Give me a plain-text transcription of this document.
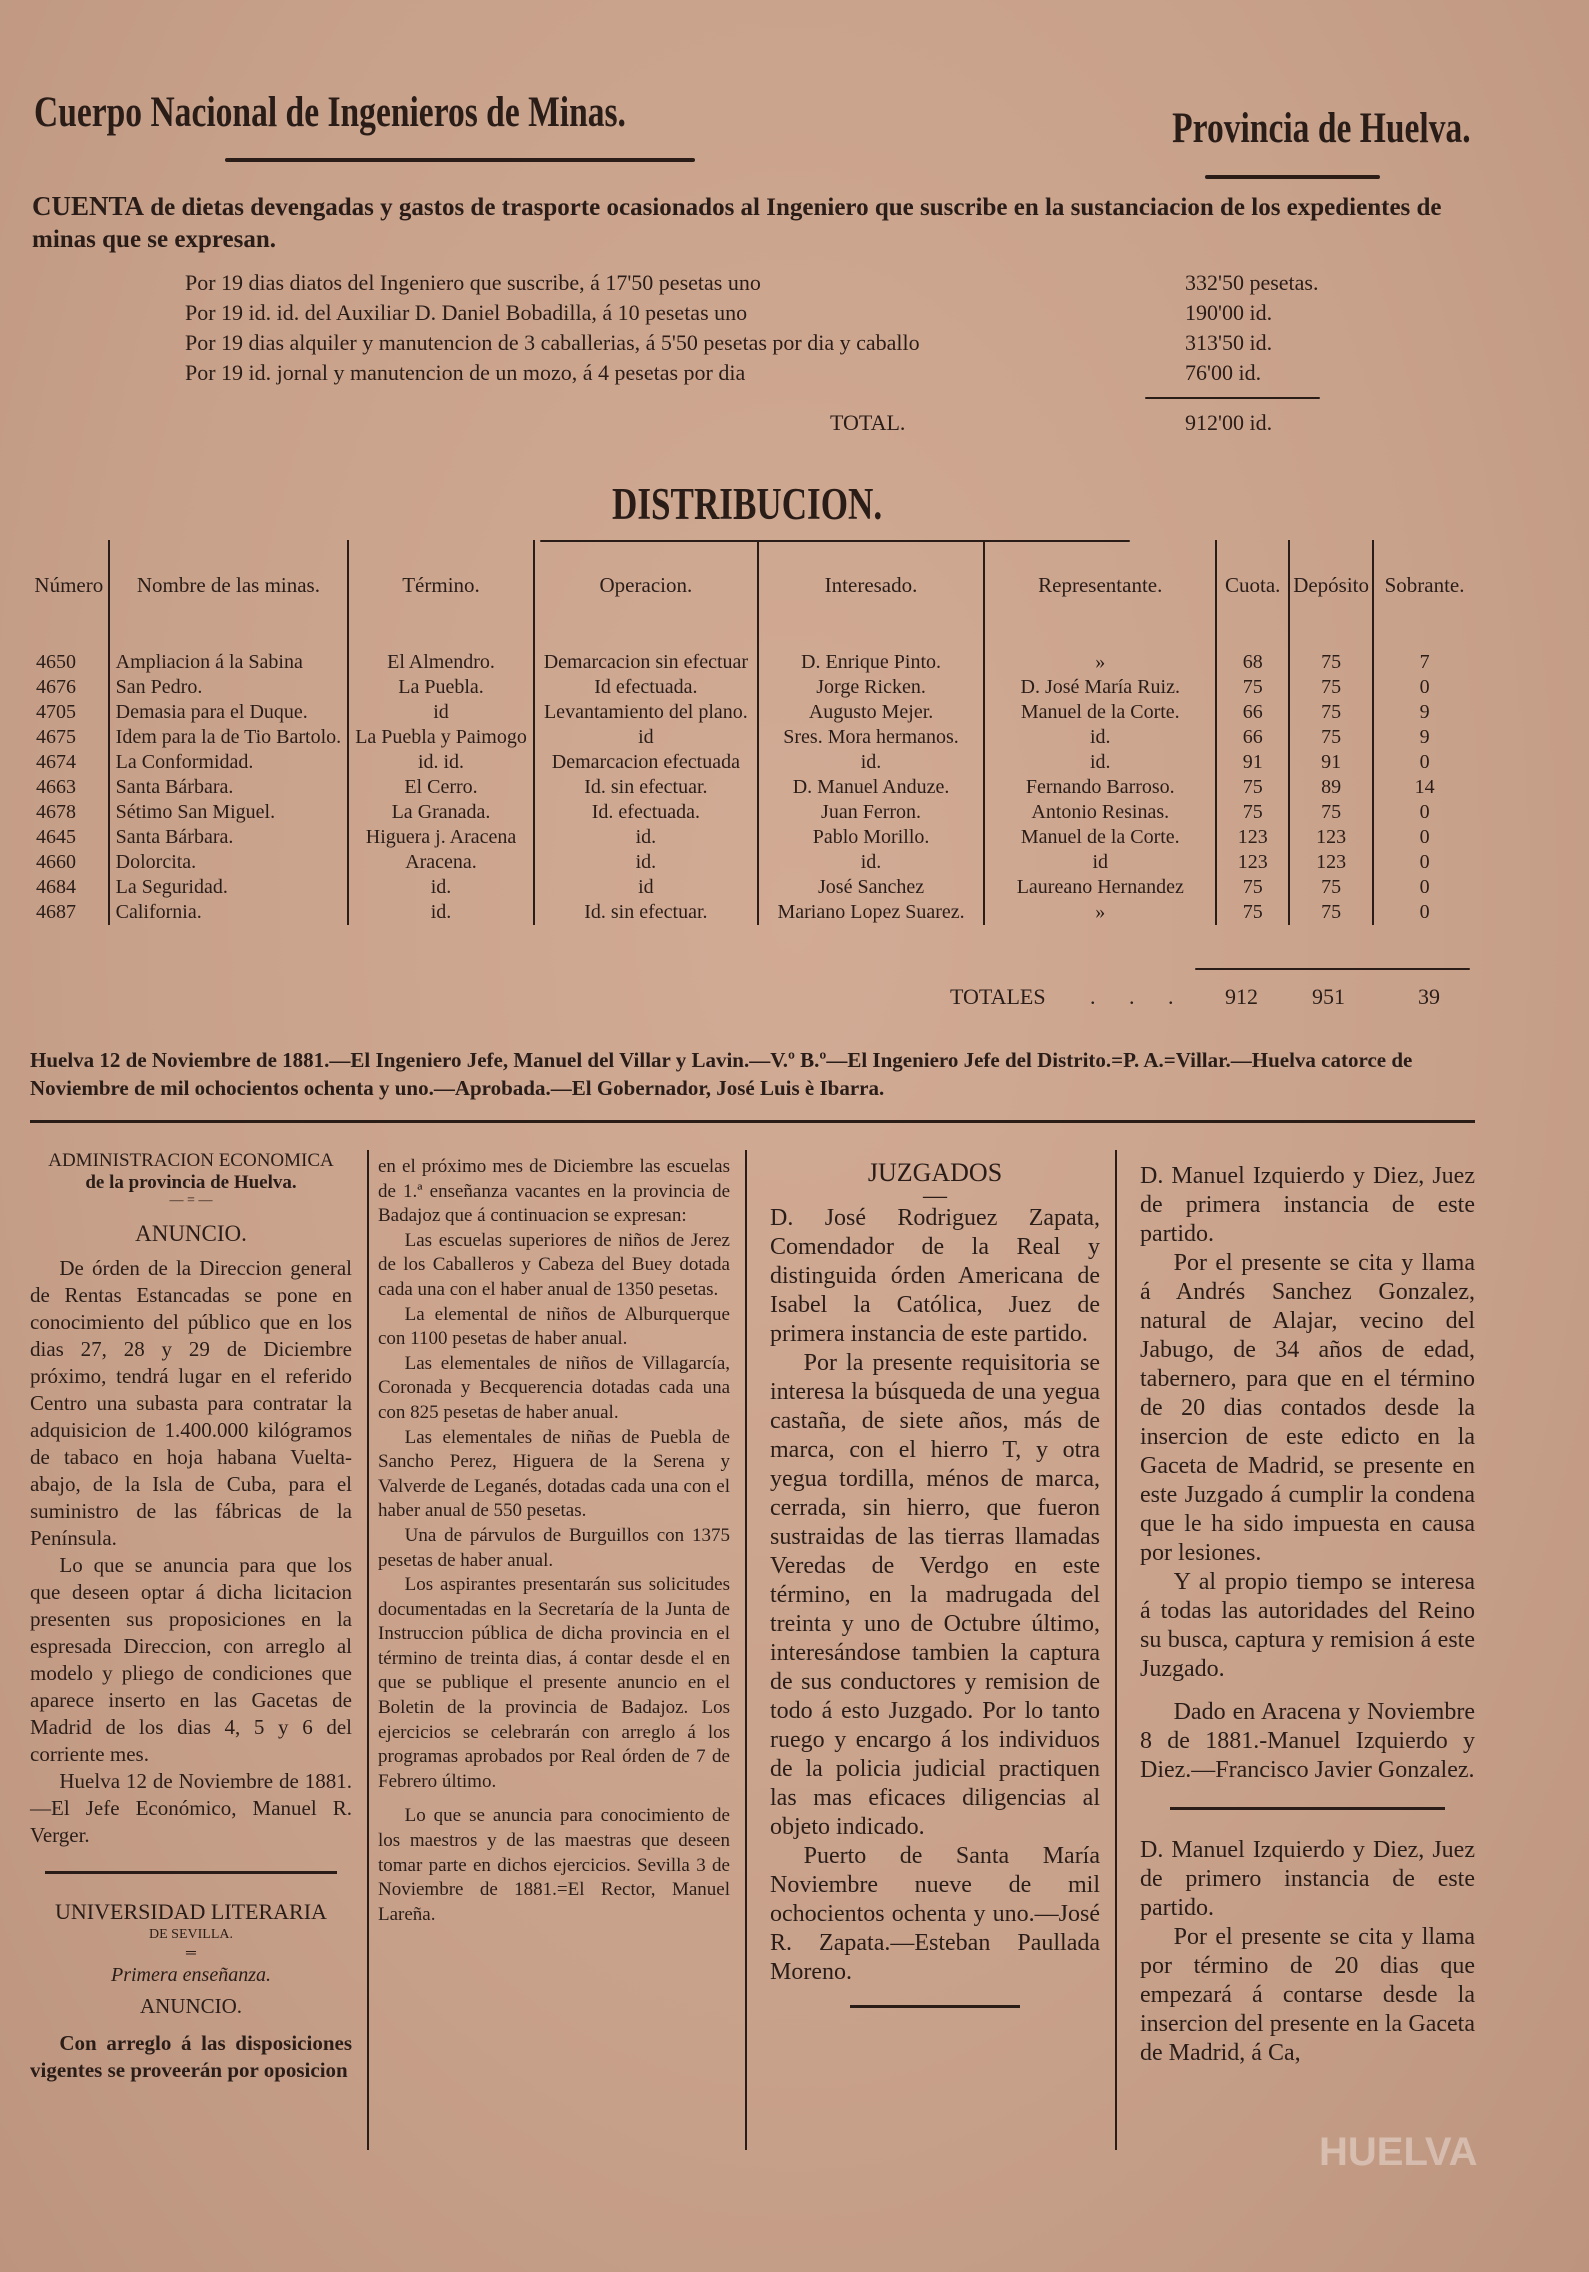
Cuerpo Nacional de Ingenieros de Minas.	Provincia de Huelva.
CUENTA de dietas devengadas y gastos de trasporte ocasionados al Ingeniero que suscribe en la sustanciacion de los expedientes de minas que se expresan.
Por 19 dias diatos del Ingeniero que suscribe, á 17'50 pesetas uno	332'50 pesetas.
Por 19 id. id. del Auxiliar D. Daniel Bobadilla, á 10 pesetas uno	190'00 id.
Por 19 dias alquiler y manutencion de 3 caballerias, á 5'50 pesetas por dia y caballo	313'50 id.
Por 19 id. jornal y manutencion de un mozo, á 4 pesetas por dia	76'00 id.
TOTAL.	912'00 id.
DISTRIBUCION.
Número	Nombre de las minas.	Término.	Operacion.	Interesado.	Representante.	Cuota.	Depósito	Sobrante.

4650	Ampliacion á la Sabina	El Almendro.	Demarcacion sin efectuar	D. Enrique Pinto.	»	68	75	7
4676	San Pedro.	La Puebla.	Id efectuada.	Jorge Ricken.	D. José María Ruiz.	75	75	0
4705	Demasia para el Duque.	id	Levantamiento del plano.	Augusto Mejer.	Manuel de la Corte.	66	75	9
4675	Idem para la de Tio Bartolo.	La Puebla y Paimogo	id	Sres. Mora hermanos.	id.	66	75	9
4674	La Conformidad.	id. id.	Demarcacion efectuada	id.	id.	91	91	0
4663	Santa Bárbara.	El Cerro.	Id. sin efectuar.	D. Manuel Anduze.	Fernando Barroso.	75	89	14
4678	Sétimo San Miguel.	La Granada.	Id. efectuada.	Juan Ferron.	Antonio Resinas.	75	75	0
4645	Santa Bárbara.	Higuera j. Aracena	id.	Pablo Morillo.	Manuel de la Corte.	123	123	0
4660	Dolorcita.	Aracena.	id.	id.	id	123	123	0
4684	La Seguridad.	id.	id	José Sanchez	Laureano Hernandez	75	75	0
4687	California.	id.	Id. sin efectuar.	Mariano Lopez Suarez.	»	75	75	0
TOTALES . . . 912 951	39
Huelva 12 de Noviembre de 1881.—El Ingeniero Jefe, Manuel del Villar y Lavin.—V.º B.º—El Ingeniero Jefe del Distrito.=P. A.=Villar.—Huelva catorce de Noviembre de mil ochocientos ochenta y uno.—Aprobada.—El Gobernador, José Luis è Ibarra.
ADMINISTRACION ECONOMICA
de la provincia de Huelva.
— = —
ANUNCIO.

De órden de la Direccion general de Rentas Estancadas se pone en conocimiento del público que en los dias 27, 28 y 29 de Diciembre próximo, tendrá lugar en el referido Centro una subasta para contratar la adquisicion de 1.400.000 kilógramos de tabaco en hoja habana Vuelta-abajo, de la Isla de Cuba, para el suministro de las fábricas de la Península.

Lo que se anuncia para que los que deseen optar á dicha licitacion presenten sus proposiciones en la espresada Direccion, con arreglo al modelo y pliego de condiciones que aparece inserto en las Gacetas de Madrid de los dias 4, 5 y 6 del corriente mes.

Huelva 12 de Noviembre de 1881.—El Jefe Económico, Manuel R. Verger.

UNIVERSIDAD LITERARIA
DE SEVILLA.
═
Primera enseñanza.
ANUNCIO.

Con arreglo á las disposiciones vigentes se proveerán por oposicion

en el próximo mes de Diciembre las escuelas de 1.ª enseñanza vacantes en la provincia de Badajoz que á continuacion se expresan:

Las escuelas superiores de niños de Jerez de los Caballeros y Cabeza del Buey dotada cada una con el haber anual de 1350 pesetas.

La elemental de niños de Alburquerque con 1100 pesetas de haber anual.

Las elementales de niños de Villagarcía, Coronada y Becquerencia dotadas cada una con 825 pesetas de haber anual.

Las elementales de niñas de Puebla de Sancho Perez, Higuera de la Serena y Valverde de Leganés, dotadas cada una con el haber anual de 550 pesetas.

Una de párvulos de Burguillos con 1375 pesetas de haber anual.

Los aspirantes presentarán sus solicitudes documentadas en la Secretaría de la Junta de Instruccion pública de dicha provincia en el término de treinta dias, á contar desde el en que se publique el presente anuncio en el Boletin de la provincia de Badajoz. Los ejercicios se celebrarán con arreglo á los programas aprobados por Real órden de 7 de Febrero último.

Lo que se anuncia para conocimiento de los maestros y de las maestras que deseen tomar parte en dichos ejercicios. Sevilla 3 de Noviembre de 1881.=El Rector, Manuel Lareña.

JUZGADOS
—

D. José Rodriguez Zapata, Comendador de la Real y distinguida órden Americana de Isabel la Católica, Juez de primera instancia de este partido.

Por la presente requisitoria se interesa la búsqueda de una yegua castaña, de siete años, más de marca, con el hierro T, y otra yegua tordilla, ménos de marca, cerrada, sin hierro, que fueron sustraidas de las tierras llamadas Veredas de Verdgo en este término, en la madrugada del treinta y uno de Octubre último, interesándose tambien la captura de sus conductores y remision de todo á esto Juzgado. Por lo tanto ruego y encargo á los individuos de la policia judicial practiquen las mas eficaces diligencias al objeto indicado.

Puerto de Santa María Noviembre nueve de mil ochocientos ochenta y uno.—José R. Zapata.—Esteban Paullada Moreno.

D. Manuel Izquierdo y Diez, Juez de primera instancia de este partido.

Por el presente se cita y llama á Andrés Sanchez Gonzalez, natural de Alajar, vecino del Jabugo, de 34 años de edad, tabernero, para que en el término de 20 dias contados desde la insercion de este edicto en la Gaceta de Madrid, se presente en este Juzgado á cumplir la condena que le ha sido impuesta en causa por lesiones.

Y al propio tiempo se interesa á todas las autoridades del Reino su busca, captura y remision á este Juzgado.

Dado en Aracena y Noviembre 8 de 1881.-Manuel Izquierdo y Diez.—Francisco Javier Gonzalez.

D. Manuel Izquierdo y Diez, Juez de primero instancia de este partido.

Por el presente se cita y llama por término de 20 dias que empezará á contarse desde la insercion del presente en la Gaceta de Madrid, á Ca,

HUELVA
